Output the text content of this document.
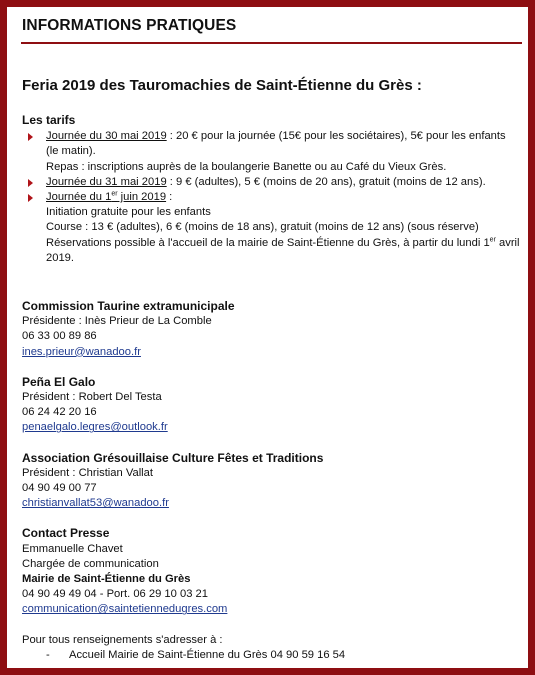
INFORMATIONS PRATIQUES
Feria 2019 des Tauromachies de Saint-Étienne du Grès :
Les tarifs
Journée du 30 mai 2019 : 20 € pour la journée (15€ pour les sociétaires), 5€ pour les enfants (le matin).
Repas : inscriptions auprès de la boulangerie Banette ou au Café du Vieux Grès.
Journée du 31 mai 2019 : 9 € (adultes), 5 € (moins de 20 ans), gratuit (moins de 12 ans).
Journée du 1er juin 2019 :
Initiation gratuite pour les enfants
Course : 13 € (adultes), 6 € (moins de 18 ans), gratuit (moins de 12 ans) (sous réserve)
Réservations possible à l'accueil de la mairie de Saint-Étienne du Grès, à partir du lundi 1er avril 2019.
Commission Taurine extramunicipale
Présidente : Inès Prieur de La Comble
06 33 00 89 86
ines.prieur@wanadoo.fr
Peña El Galo
Président : Robert Del Testa
06 24 42 20 16
penaelgalo.legres@outlook.fr
Association Grésouillaise Culture Fêtes et Traditions
Président : Christian Vallat
04 90 49 00 77
christianvallat53@wanadoo.fr
Contact Presse
Emmanuelle Chavet
Chargée de communication
Mairie de Saint-Étienne du Grès
04 90 49 49 04 - Port. 06 29 10 03 21
communication@saintetiennedugres.com
Pour tous renseignements s'adresser à :
- Accueil Mairie de Saint-Étienne du Grès 04 90 59 16 54
